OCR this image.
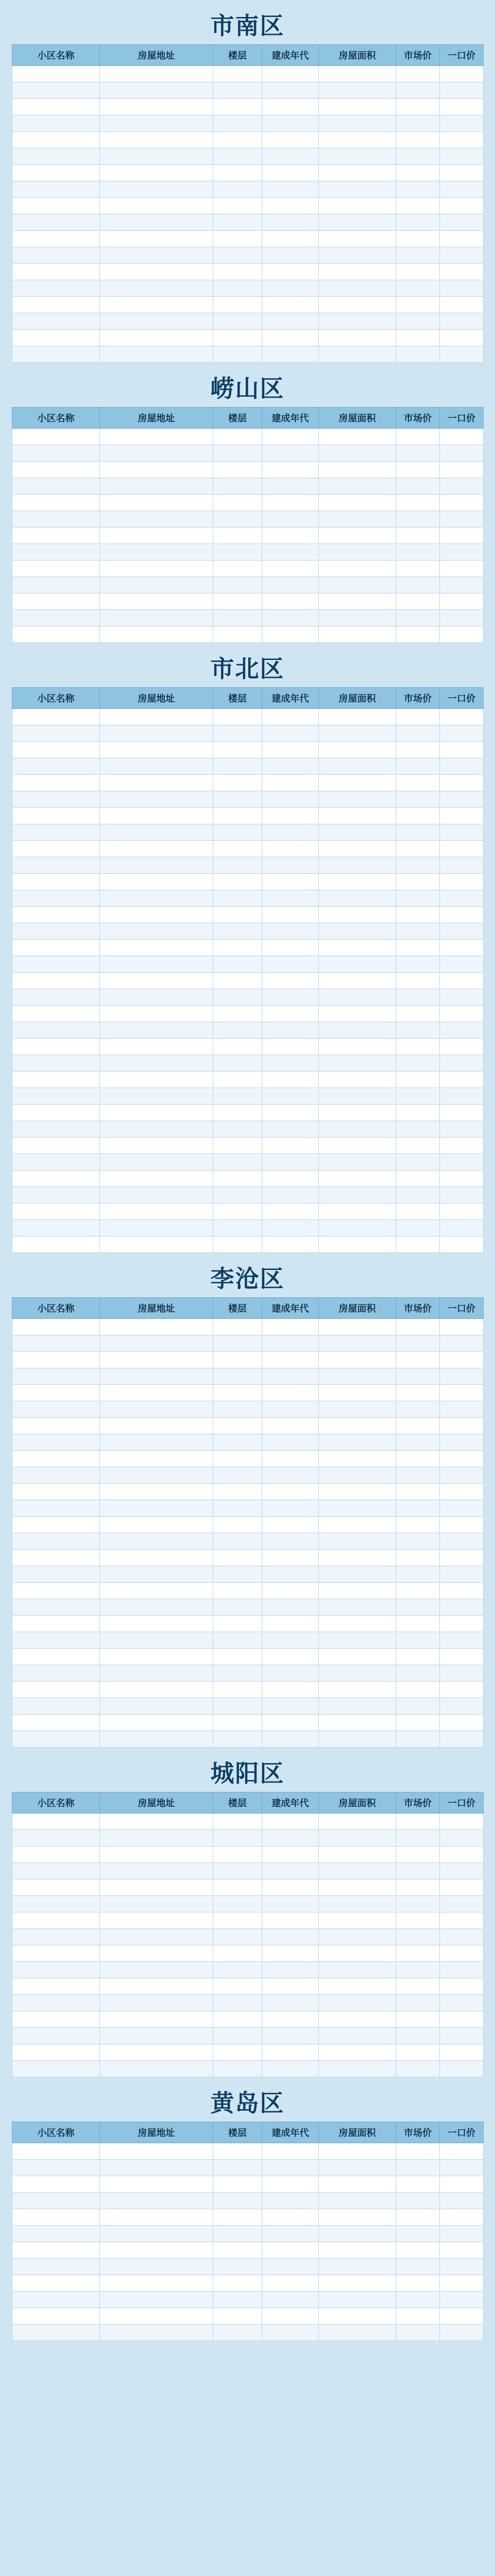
市南区
小区名称	房屋地址	楼层	建成年代	房屋面积	市场价	一口价

崂山区
小区名称	房屋地址	楼层	建成年代	房屋面积	市场价	一口价

市北区
小区名称	房屋地址	楼层	建成年代	房屋面积	市场价	一口价

李沧区
小区名称	房屋地址	楼层	建成年代	房屋面积	市场价	一口价

城阳区
小区名称	房屋地址	楼层	建成年代	房屋面积	市场价	一口价

黄岛区
小区名称	房屋地址	楼层	建成年代	房屋面积	市场价	一口价
